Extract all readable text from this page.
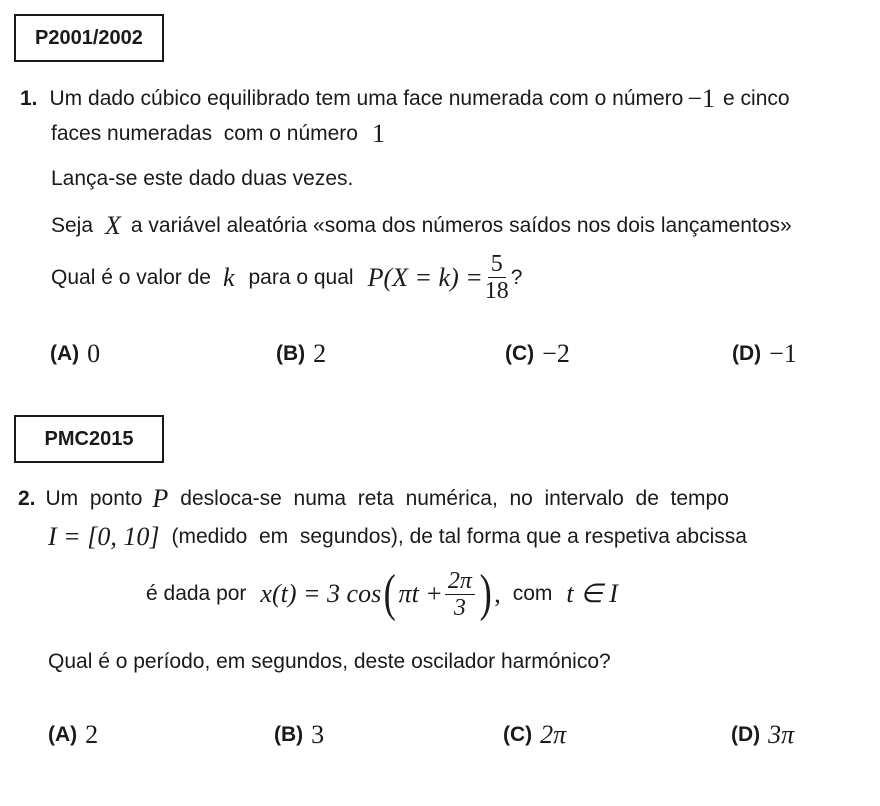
P2001/2002
1. Um dado cúbico equilibrado tem uma face numerada com o número −1 e cinco
faces numeradas  com o número 1
Lança-se este dado duas vezes.
Seja X a variável aleatória «soma dos números saídos nos dois lançamentos»
Qual é o valor de k para o qual $P(X = k) = \frac{5}{18}$ ?
(A) 0	(B) 2	(C) −2	(D) −1
PMC2015
2. Um  ponto P desloca-se  numa  reta  numérica,  no  intervalo  de  tempo
I = [0, 10] (medido  em  segundos), de tal forma que a respetiva abcissa
é dada por x(t) = 3 cos ( $\pi t + \frac{2\pi}{3}$ ) , com t ∈ I
Qual é o período, em segundos, deste oscilador harmónico?
(A) 2	(B) 3	(C) 2π	(D) 3π
